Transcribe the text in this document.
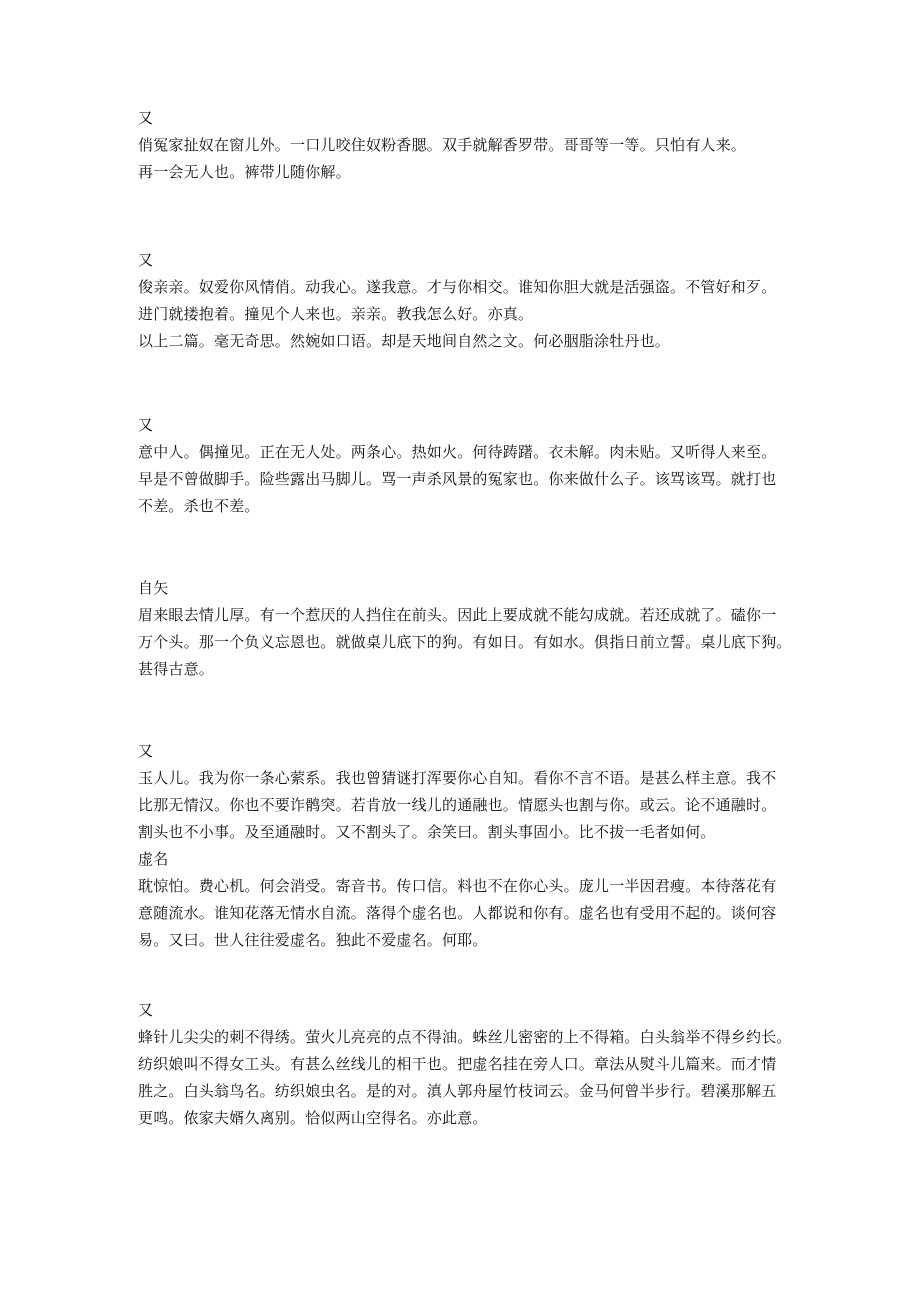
又
俏冤家扯奴在窗儿外。一口儿咬住奴粉香腮。双手就解香罗带。哥哥等一等。只怕有人来。
再一会无人也。裤带儿随你解。
又
俊亲亲。奴爱你风情俏。动我心。遂我意。才与你相交。谁知你胆大就是活强盗。不管好和歹。
进门就搂抱着。撞见个人来也。亲亲。教我怎么好。亦真。
以上二篇。毫无奇思。然婉如口语。却是天地间自然之文。何必胭脂涂牡丹也。
又
意中人。偶撞见。正在无人处。两条心。热如火。何待踌躇。衣未解。肉未贴。又听得人来至。
早是不曾做脚手。险些露出马脚儿。骂一声杀风景的冤家也。你来做什么子。该骂该骂。就打也
不差。杀也不差。
自矢
眉来眼去情儿厚。有一个惹厌的人挡住在前头。因此上要成就不能勾成就。若还成就了。磕你一
万个头。那一个负义忘恩也。就做桌儿底下的狗。有如日。有如水。俱指日前立誓。桌儿底下狗。
甚得古意。
又
玉人儿。我为你一条心萦系。我也曾猜谜打浑要你心自知。看你不言不语。是甚么样主意。我不
比那无情汉。你也不要诈鹘突。若肯放一线儿的通融也。情愿头也割与你。或云。论不通融时。
割头也不小事。及至通融时。又不割头了。余笑曰。割头事固小。比不拔一毛者如何。
虚名
耽惊怕。费心机。何会消受。寄音书。传口信。料也不在你心头。庞儿一半因君瘦。本待落花有
意随流水。谁知花落无情水自流。落得个虚名也。人都说和你有。虚名也有受用不起的。谈何容
易。又曰。世人往往爱虚名。独此不爱虚名。何耶。
又
蜂针儿尖尖的刺不得绣。萤火儿亮亮的点不得油。蛛丝儿密密的上不得箱。白头翁举不得乡约长。
纺织娘叫不得女工头。有甚么丝线儿的相干也。把虚名挂在旁人口。章法从熨斗儿篇来。而才情
胜之。白头翁鸟名。纺织娘虫名。是的对。滇人郭舟屋竹枝词云。金马何曾半步行。碧溪那解五
更鸣。侬家夫婿久离别。恰似两山空得名。亦此意。
